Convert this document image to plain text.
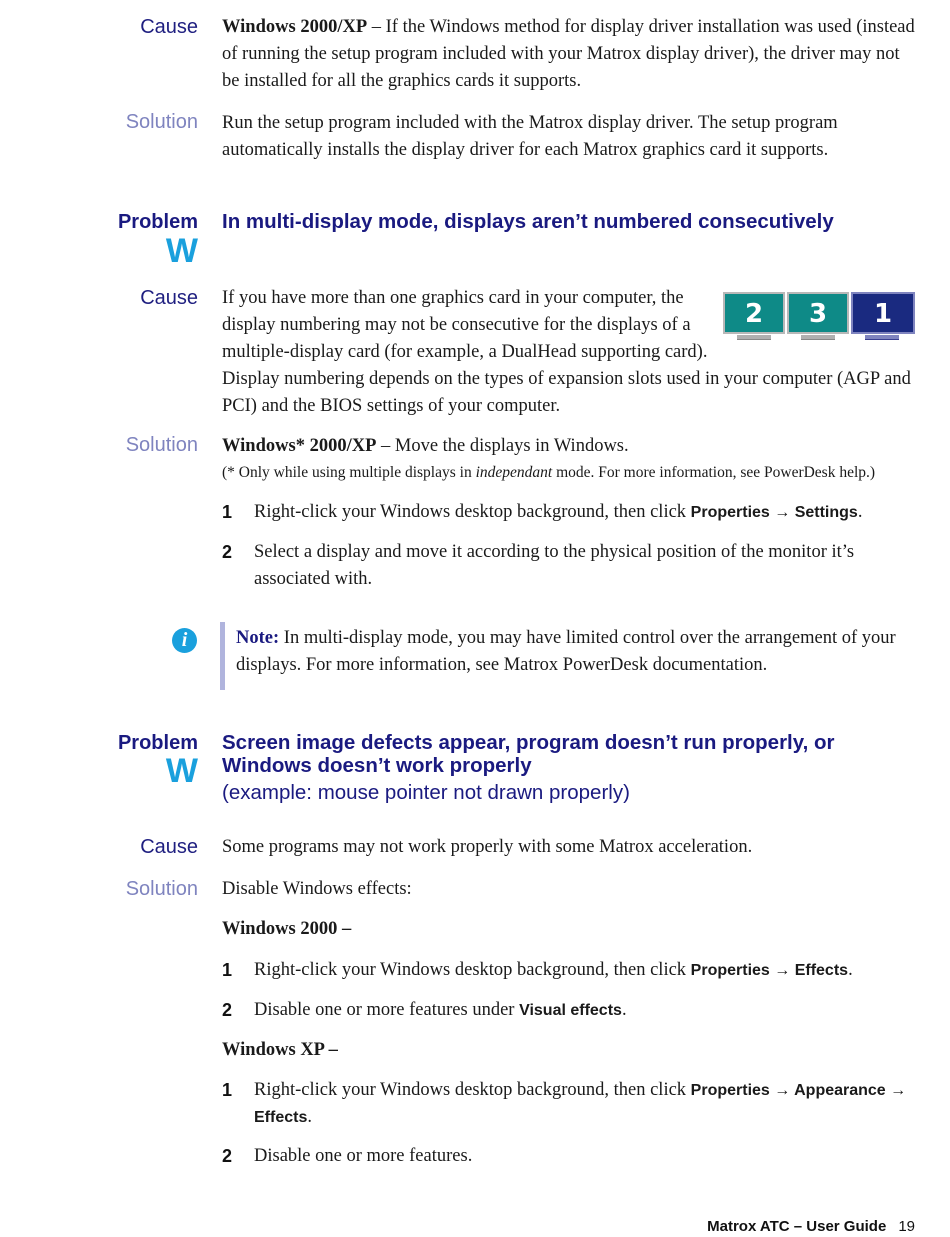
Cause Windows 2000/XP – If the Windows method for display driver installation was used (instead of running the setup program included with your Matrox display driver), the driver may not be installed for all the graphics cards it supports.
Solution Run the setup program included with the Matrox display driver. The setup program automatically installs the display driver for each Matrox graphics card it supports.
Problem
W
In multi-display mode, displays aren’t numbered consecutively
Cause If you have more than one graphics card in your computer, the display numbering may not be consecutive for the displays of a multiple-display card (for example, a DualHead supporting card). Display numbering depends on the types of expansion slots used in your computer (AGP and PCI) and the BIOS settings of your computer.
2	3	1
Solution Windows* 2000/XP – Move the displays in Windows.
(* Only while using multiple displays in independant mode. For more information, see PowerDesk help.)
1 Right-click your Windows desktop background, then click Properties → Settings.
2 Select a display and move it according to the physical position of the monitor it’s associated with.
i	Note: In multi-display mode, you may have limited control over the arrangement of your displays. For more information, see Matrox PowerDesk documentation.
Problem
W
Screen image defects appear, program doesn’t run properly, or Windows doesn’t work properly
(example: mouse pointer not drawn properly)
Cause Some programs may not work properly with some Matrox acceleration.
Solution Disable Windows effects:
Windows 2000 –
1 Right-click your Windows desktop background, then click Properties → Effects.
2 Disable one or more features under Visual effects.
Windows XP –
1 Right-click your Windows desktop background, then click Properties → Appearance → Effects.
2 Disable one or more features.
Matrox ATC – User Guide 19
